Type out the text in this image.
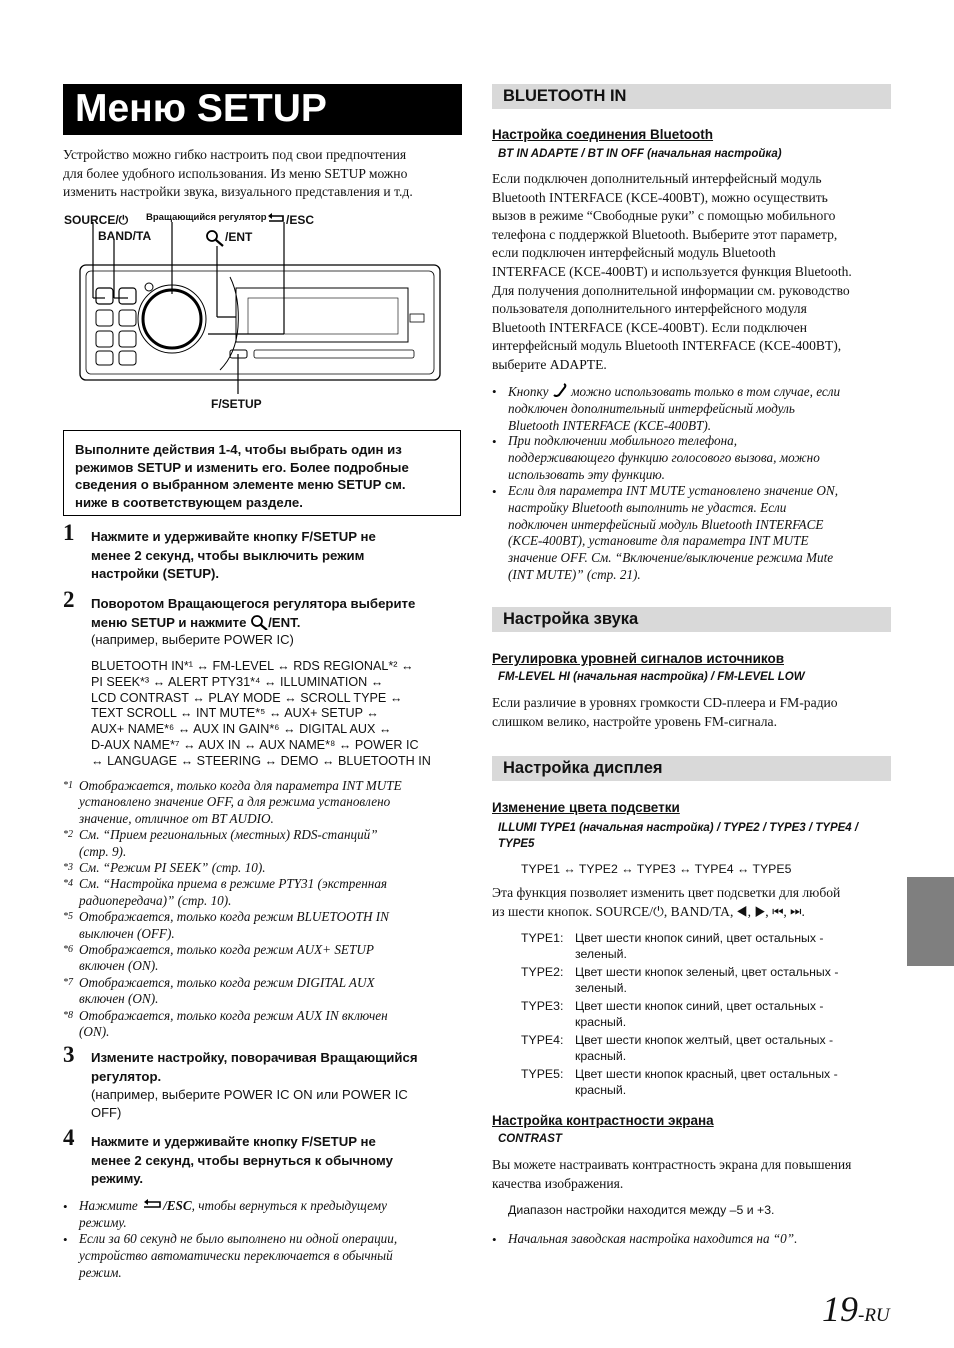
Меню SETUP
Устройство можно гибко настроить под свои предпочтения
для более удобного использования. Из меню SETUP можно
изменить настройки звука, визуального представления и т.д.
SOURCE/⏻ Вращающийся регулятор /ESC
BAND/TA	/ENT
F/SETUP
Выполните действия 1-4, чтобы выбрать один из
режимов SETUP и изменить его. Более подробные
сведения о выбранном элементе меню SETUP см.
ниже в соответствующем разделе.
1 Нажмите и удерживайте кнопку F/SETUP не
менее 2 секунд, чтобы выключить режим
настройки (SETUP).
2 Поворотом Вращающегося регулятора выберите
меню SETUP и нажмите /ENT.
(например, выберите POWER IC)
BLUETOOTH IN*¹ ↔ FM-LEVEL ↔ RDS REGIONAL*² ↔
PI SEEK*³ ↔ ALERT PTY31*⁴ ↔ ILLUMINATION ↔
LCD CONTRAST ↔ PLAY MODE ↔ SCROLL TYPE ↔
TEXT SCROLL ↔ INT MUTE*⁵ ↔ AUX+ SETUP ↔
AUX+ NAME*⁶ ↔ AUX IN GAIN*⁶ ↔ DIGITAL AUX ↔
D-AUX NAME*⁷ ↔ AUX IN ↔ AUX NAME*⁸ ↔ POWER IC
↔ LANGUAGE ↔ STEERING ↔ DEMO ↔ BLUETOOTH IN
*1 Отображается, только когда для параметра INT MUTE
установлено значение OFF, а для режима установлено
значение, отличное от BT AUDIO.
*2 См. “Прием региональных (местных) RDS-станций”
(стр. 9).
*3 См. “Режим PI SEEK” (стр. 10).
*4 См. “Настройка приема в режиме PTY31 (экстренная
радиопередача)” (стр. 10).
*5 Отображается, только когда режим BLUETOOTH IN
выключен (OFF).
*6 Отображается, только когда режим AUX+ SETUP
включен (ON).
*7 Отображается, только когда режим DIGITAL AUX
включен (ON).
*8 Отображается, только когда режим AUX IN включен
(ON).
3 Измените настройку, поворачивая Вращающийся
регулятор.
(например, выберите POWER IC ON или POWER IC
OFF)
4 Нажмите и удерживайте кнопку F/SETUP не
менее 2 секунд, чтобы вернуться к обычному
режиму.
• Нажмите /ESC, чтобы вернуться к предыдущему
режиму.
• Если за 60 секунд не было выполнено ни одной операции,
устройство автоматически переключается в обычный
режим.
BLUETOOTH IN
Настройка соединения Bluetooth
BT IN ADAPTE / BT IN OFF (начальная настройка)
Если подключен дополнительный интерфейсный модуль
Bluetooth INTERFACE (KCE-400BT), можно осуществить
вызов в режиме “Свободные руки” с помощью мобильного
телефона с поддержкой Bluetooth. Выберите этот параметр,
если подключен интерфейсный модуль Bluetooth
INTERFACE (KCE-400BT) и используется функция Bluetooth.
Для получения дополнительной информации см. руководство
пользователя дополнительного интерфейсного модуля
Bluetooth INTERFACE (KCE-400BT). Если подключен
интерфейсный модуль Bluetooth INTERFACE (KCE-400BT),
выберите ADAPTE.
• Кнопку  можно использовать только в том случае, если
подключен дополнительный интерфейсный модуль
Bluetooth INTERFACE (KCE-400BT).
• При подключении мобильного телефона,
поддерживающего функцию голосового вызова, можно
использовать эту функцию.
• Если для параметра INT MUTE установлено значение ON,
настройку Bluetooth выполнить не удастся. Если
подключен интерфейсный модуль Bluetooth INTERFACE
(KCE-400BT), установите для параметра INT MUTE
значение OFF. См. “Включение/выключение режима Mute
(INT MUTE)” (стр. 21).
Настройка звука
Регулировка уровней сигналов источников
FM-LEVEL HI (начальная настройка) / FM-LEVEL LOW
Если различие в уровнях громкости CD-плеера и FM-радио
слишком велико, настройте уровень FM-сигнала.
Настройка дисплея
Изменение цвета подсветки
ILLUMI TYPE1 (начальная настройка) / TYPE2 / TYPE3 / TYPE4 /
TYPE5
TYPE1 ↔ TYPE2 ↔ TYPE3 ↔ TYPE4 ↔ TYPE5
Эта функция позволяет изменить цвет подсветки для любой
из шести кнопок. SOURCE/⏻, BAND/TA, ◀, ▶, ⏮, ⏭.
TYPE1: Цвет шести кнопок синий, цвет остальных -
зеленый.
TYPE2: Цвет шести кнопок зеленый, цвет остальных -
зеленый.
TYPE3: Цвет шести кнопок синий, цвет остальных -
красный.
TYPE4: Цвет шести кнопок желтый, цвет остальных -
красный.
TYPE5: Цвет шести кнопок красный, цвет остальных -
красный.
Настройка контрастности экрана
CONTRAST
Вы можете настраивать контрастность экрана для повышения
качества изображения.
Диапазон настройки находится между –5 и +3.
• Начальная заводская настройка находится на “0”.
19-RU
